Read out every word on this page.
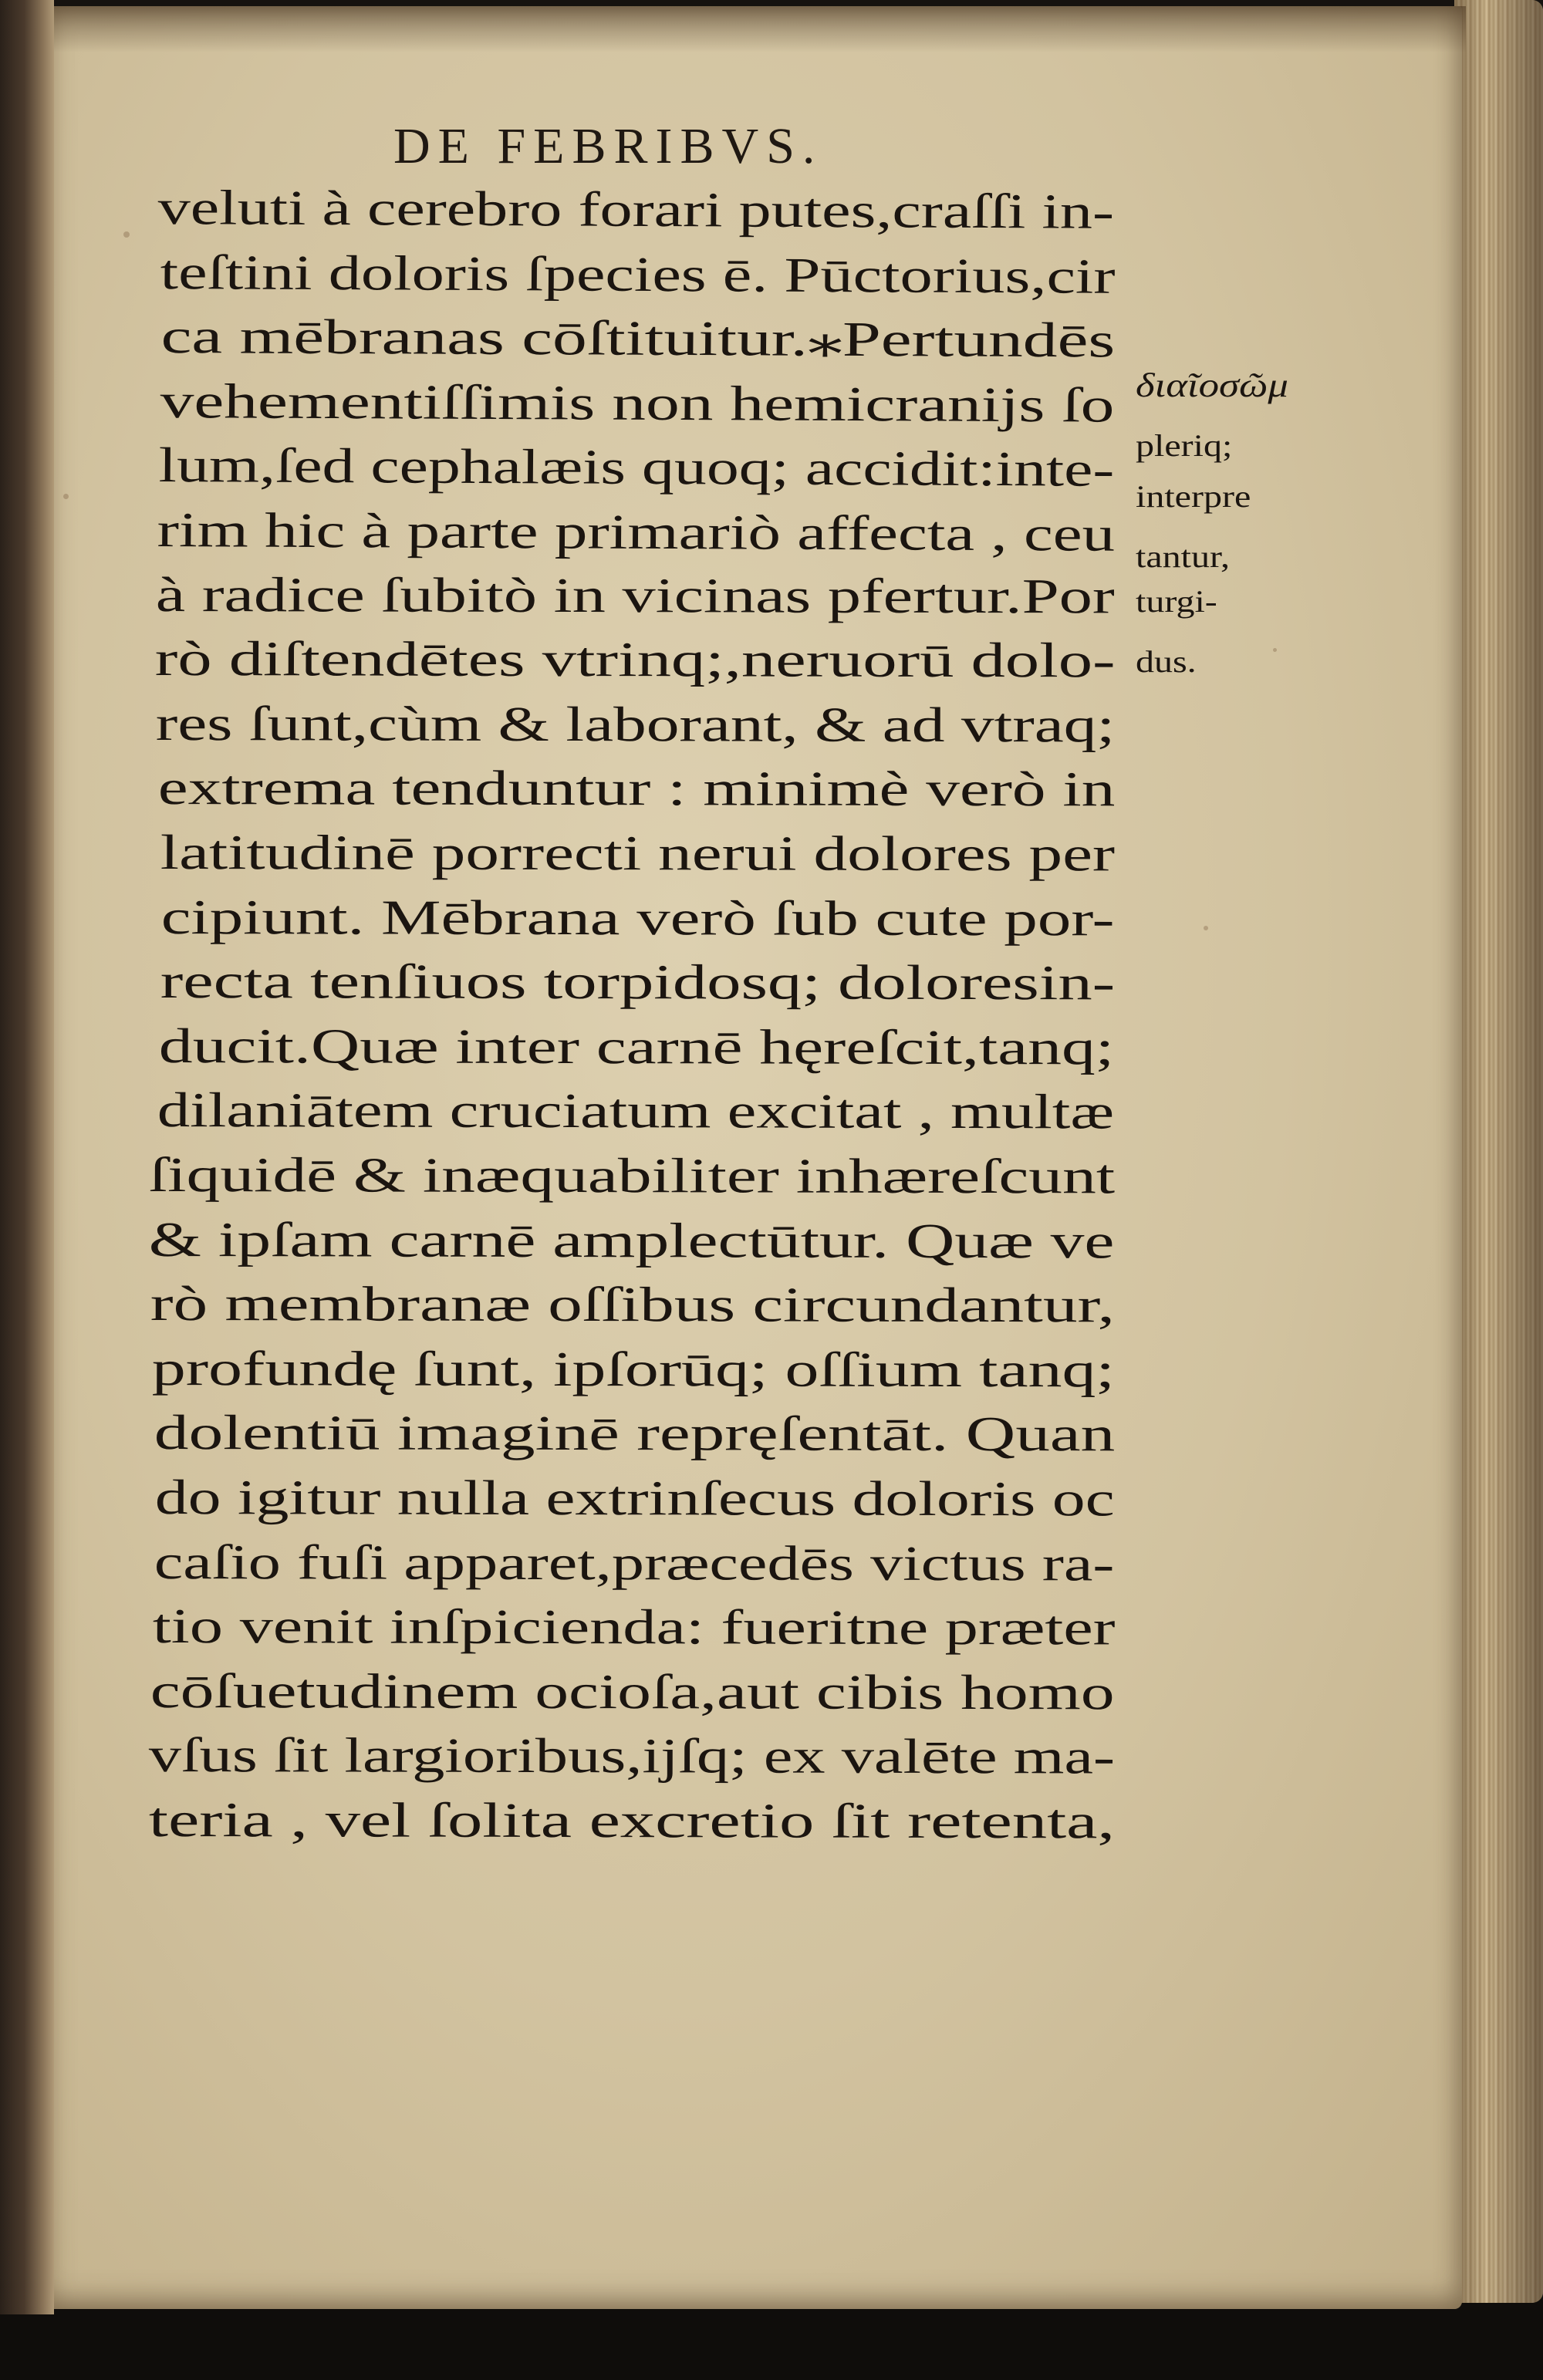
DE FEBRIBVS.
veluti à cerebro forari putes,craſſi in-
teſtini doloris ſpecies ē. Pūctorius,cir
ca mēbranas cōſtituitur.⁎Pertundēs
vehementiſſimis non hemicraniјs ſo
lum,ſed cephalæis quoq; accidit:inte-
rim hic à parte primariò affecta , ceu
à radice ſubitò in vicinas pfertur.Por
rò diſtendētes vtrinq;,neruorū dolo-
res ſunt,cùm & laborant, & ad vtraq;
extrema tenduntur : minimè verò in
latitudinē porrecti nerui dolores per
cipiunt. Mēbrana verò ſub cute por-
recta tenſiuos torpidosq; doloresin-
ducit.Quæ inter carnē hęreſcit,tanq;
dilaniātem cruciatum excitat , multæ
ſiquidē & inæquabiliter inhæreſcunt
& ipſam carnē amplectūtur. Quæ ve
rò membranæ oſſibus circundantur,
profundę ſunt, ipſorūq; oſſium tanq;
dolentiū imaginē repręſentāt. Quan
do igitur nulla extrinſecus doloris oc
caſio fuſi apparet,præcedēs victus ra-
tio venit inſpicienda: fueritne præter
cōſuetudinem ocioſa,aut cibis homo
vſus ſit largioribus,ijſq; ex valēte ma-
teria , vel ſolita excretio ſit retenta,
διαῖοσῶμ
pleriq;
interpre
tantur,
turgi-
dus.
